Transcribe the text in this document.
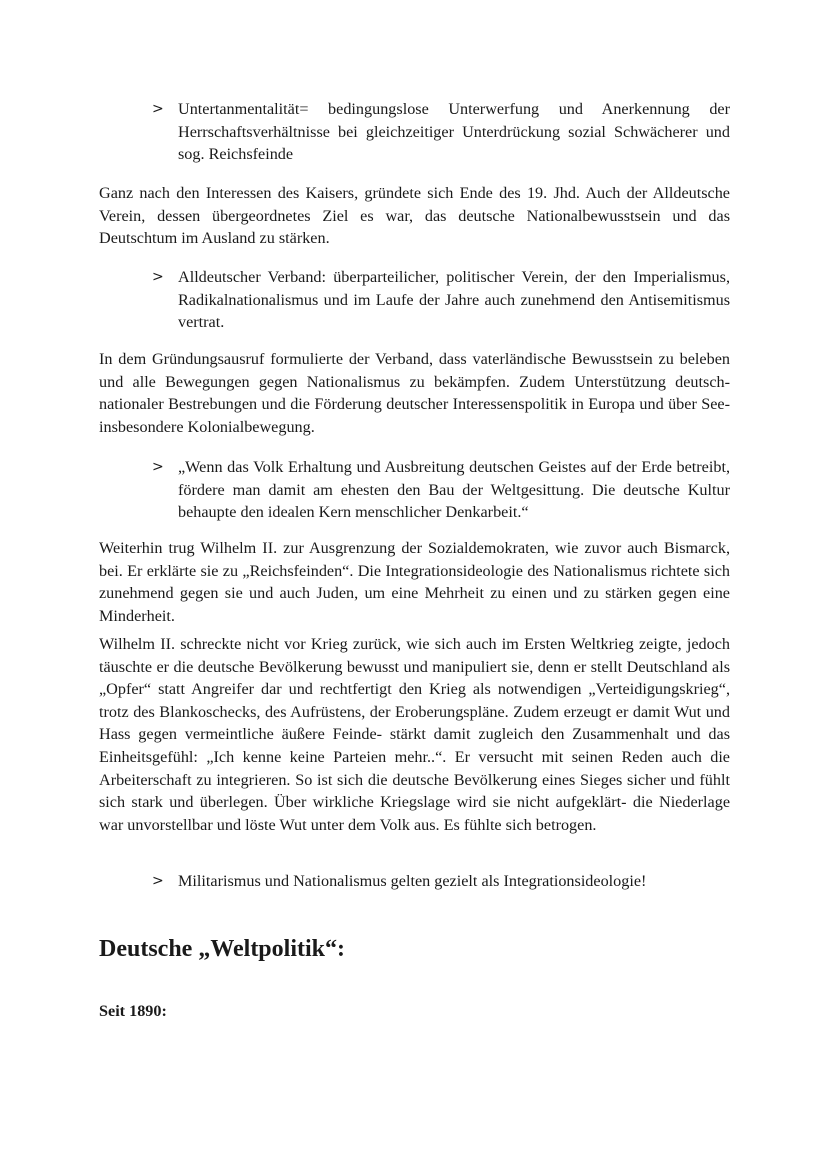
> Untertanmentalität= bedingungslose Unterwerfung und Anerkennung der Herrschaftsverhältnisse bei gleichzeitiger Unterdrückung sozial Schwächerer und sog. Reichsfeinde

Ganz nach den Interessen des Kaisers, gründete sich Ende des 19. Jhd. Auch der Alldeutsche Verein, dessen übergeordnetes Ziel es war, das deutsche Nationalbewusstsein und das Deutschtum im Ausland zu stärken.

> Alldeutscher Verband: überparteilicher, politischer Verein, der den Imperialismus, Radikalnationalismus und im Laufe der Jahre auch zunehmend den Antisemitismus vertrat.

In dem Gründungsausruf formulierte der Verband, dass vaterländische Bewusstsein zu beleben und alle Bewegungen gegen Nationalismus zu bekämpfen. Zudem Unterstützung deutsch-nationaler Bestrebungen und die Förderung deutscher Interessenspolitik in Europa und über See- insbesondere Kolonialbewegung.

> „Wenn das Volk Erhaltung und Ausbreitung deutschen Geistes auf der Erde betreibt, fördere man damit am ehesten den Bau der Weltgesittung. Die deutsche Kultur behaupte den idealen Kern menschlicher Denkarbeit.“

Weiterhin trug Wilhelm II. zur Ausgrenzung der Sozialdemokraten, wie zuvor auch Bismarck, bei. Er erklärte sie zu „Reichsfeinden“. Die Integrationsideologie des Nationalismus richtete sich zunehmend gegen sie und auch Juden, um eine Mehrheit zu einen und zu stärken gegen eine Minderheit.

Wilhelm II. schreckte nicht vor Krieg zurück, wie sich auch im Ersten Weltkrieg zeigte, jedoch täuschte er die deutsche Bevölkerung bewusst und manipuliert sie, denn er stellt Deutschland als „Opfer“ statt Angreifer dar und rechtfertigt den Krieg als notwendigen „Verteidigungskrieg“, trotz des Blankoschecks, des Aufrüstens, der Eroberungspläne. Zudem erzeugt er damit Wut und Hass gegen vermeintliche äußere Feinde- stärkt damit zugleich den Zusammenhalt und das Einheitsgefühl: „Ich kenne keine Parteien mehr..“. Er versucht mit seinen Reden auch die Arbeiterschaft zu integrieren. So ist sich die deutsche Bevölkerung eines Sieges sicher und fühlt sich stark und überlegen. Über wirkliche Kriegslage wird sie nicht aufgeklärt- die Niederlage war unvorstellbar und löste Wut unter dem Volk aus. Es fühlte sich betrogen.

> Militarismus und Nationalismus gelten gezielt als Integrationsideologie!
Deutsche „Weltpolitik“:
Seit 1890:
